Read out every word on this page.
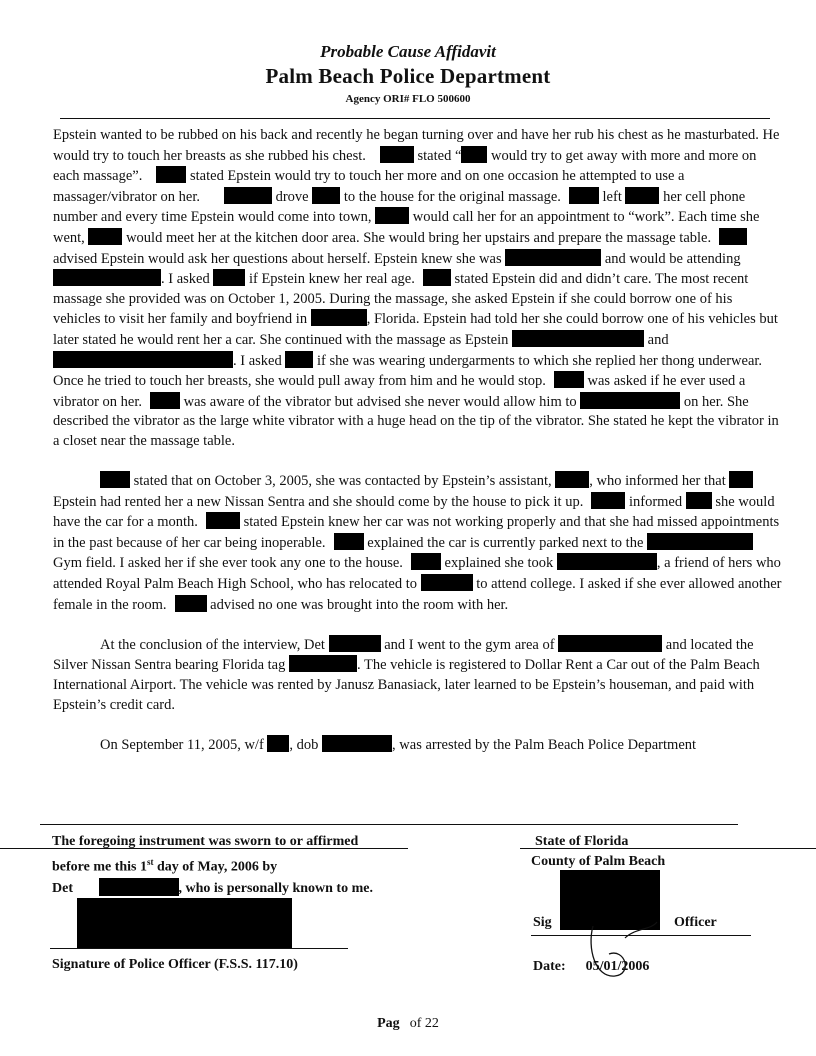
Probable Cause Affidavit
Palm Beach Police Department
Agency ORI# FLO 500600

Epstein wanted to be rubbed on his back and recently he began turning over and have her rub his chest as he masturbated. He would try to touch her breasts as she rubbed his chest.	stated “ would try to get away with more and more on each massage”.	stated Epstein would try to touch her more and on one occasion he attempted to use a massager/vibrator on her.	drove  to the house for the original massage.	left  her cell phone number and every time Epstein would come into town,  would call her for an appointment to “work”. Each time she went,  would meet her at the kitchen door area. She would bring her upstairs and prepare the massage table. advised Epstein would ask her questions about herself. Epstein knew she was	and would be attending . I asked  if Epstein knew her real age. stated Epstein did and didn’t care. The most recent massage she provided was on October 1, 2005. During the massage, she asked Epstein if she could borrow one of his vehicles to visit her family and boyfriend in	, Florida. Epstein had told her she could borrow one of his vehicles but later stated he would rent her a car. She continued with the massage as Epstein	and . I asked  if she was wearing undergarments to which she replied her thong underwear. Once he tried to touch her breasts, she would pull away from him and he would stop.	was asked if he ever used a vibrator on her.	was aware of the vibrator but advised she never would allow him to	on her. She described the vibrator as the large white vibrator with a huge head on the tip of the vibrator. She stated he kept the vibrator in a closet near the massage table.

stated that on October 3, 2005, she was contacted by Epstein’s assistant, , who informed her that  Epstein had rented her a new Nissan Sentra and she should come by the house to pick it up.	informed  she would have the car for a month.	stated Epstein knew her car was not working properly and that she had missed appointments in the past because of her car being inoperable.	explained the car is currently parked next to the  Gym field. I asked her if she ever took any one to the house.	explained she took	, a friend of hers who attended Royal Palm Beach High School, who has relocated to	to attend college. I asked if she ever allowed another female in the room.	advised no one was brought into the room with her.

At the conclusion of the interview, Det	and I went to the gym area of	and located the Silver Nissan Sentra bearing Florida tag	. The vehicle is registered to Dollar Rent a Car out of the Palm Beach International Airport. The vehicle was rented by Janusz Banasiack, later learned to be Epstein’s houseman, and paid with Epstein’s credit card.

On September 11, 2005, w/f , dob	, was arrested by the Palm Beach Police Department

The foregoing instrument was sworn to or affirmed
before me this 1st day of May, 2006 by
Det	, who is personally known to me.
Signature of Police Officer (F.S.S. 117.10)
State of Florida
County of Palm Beach
Sig	Officer
Date: 05/01/2006
Pag of 22
